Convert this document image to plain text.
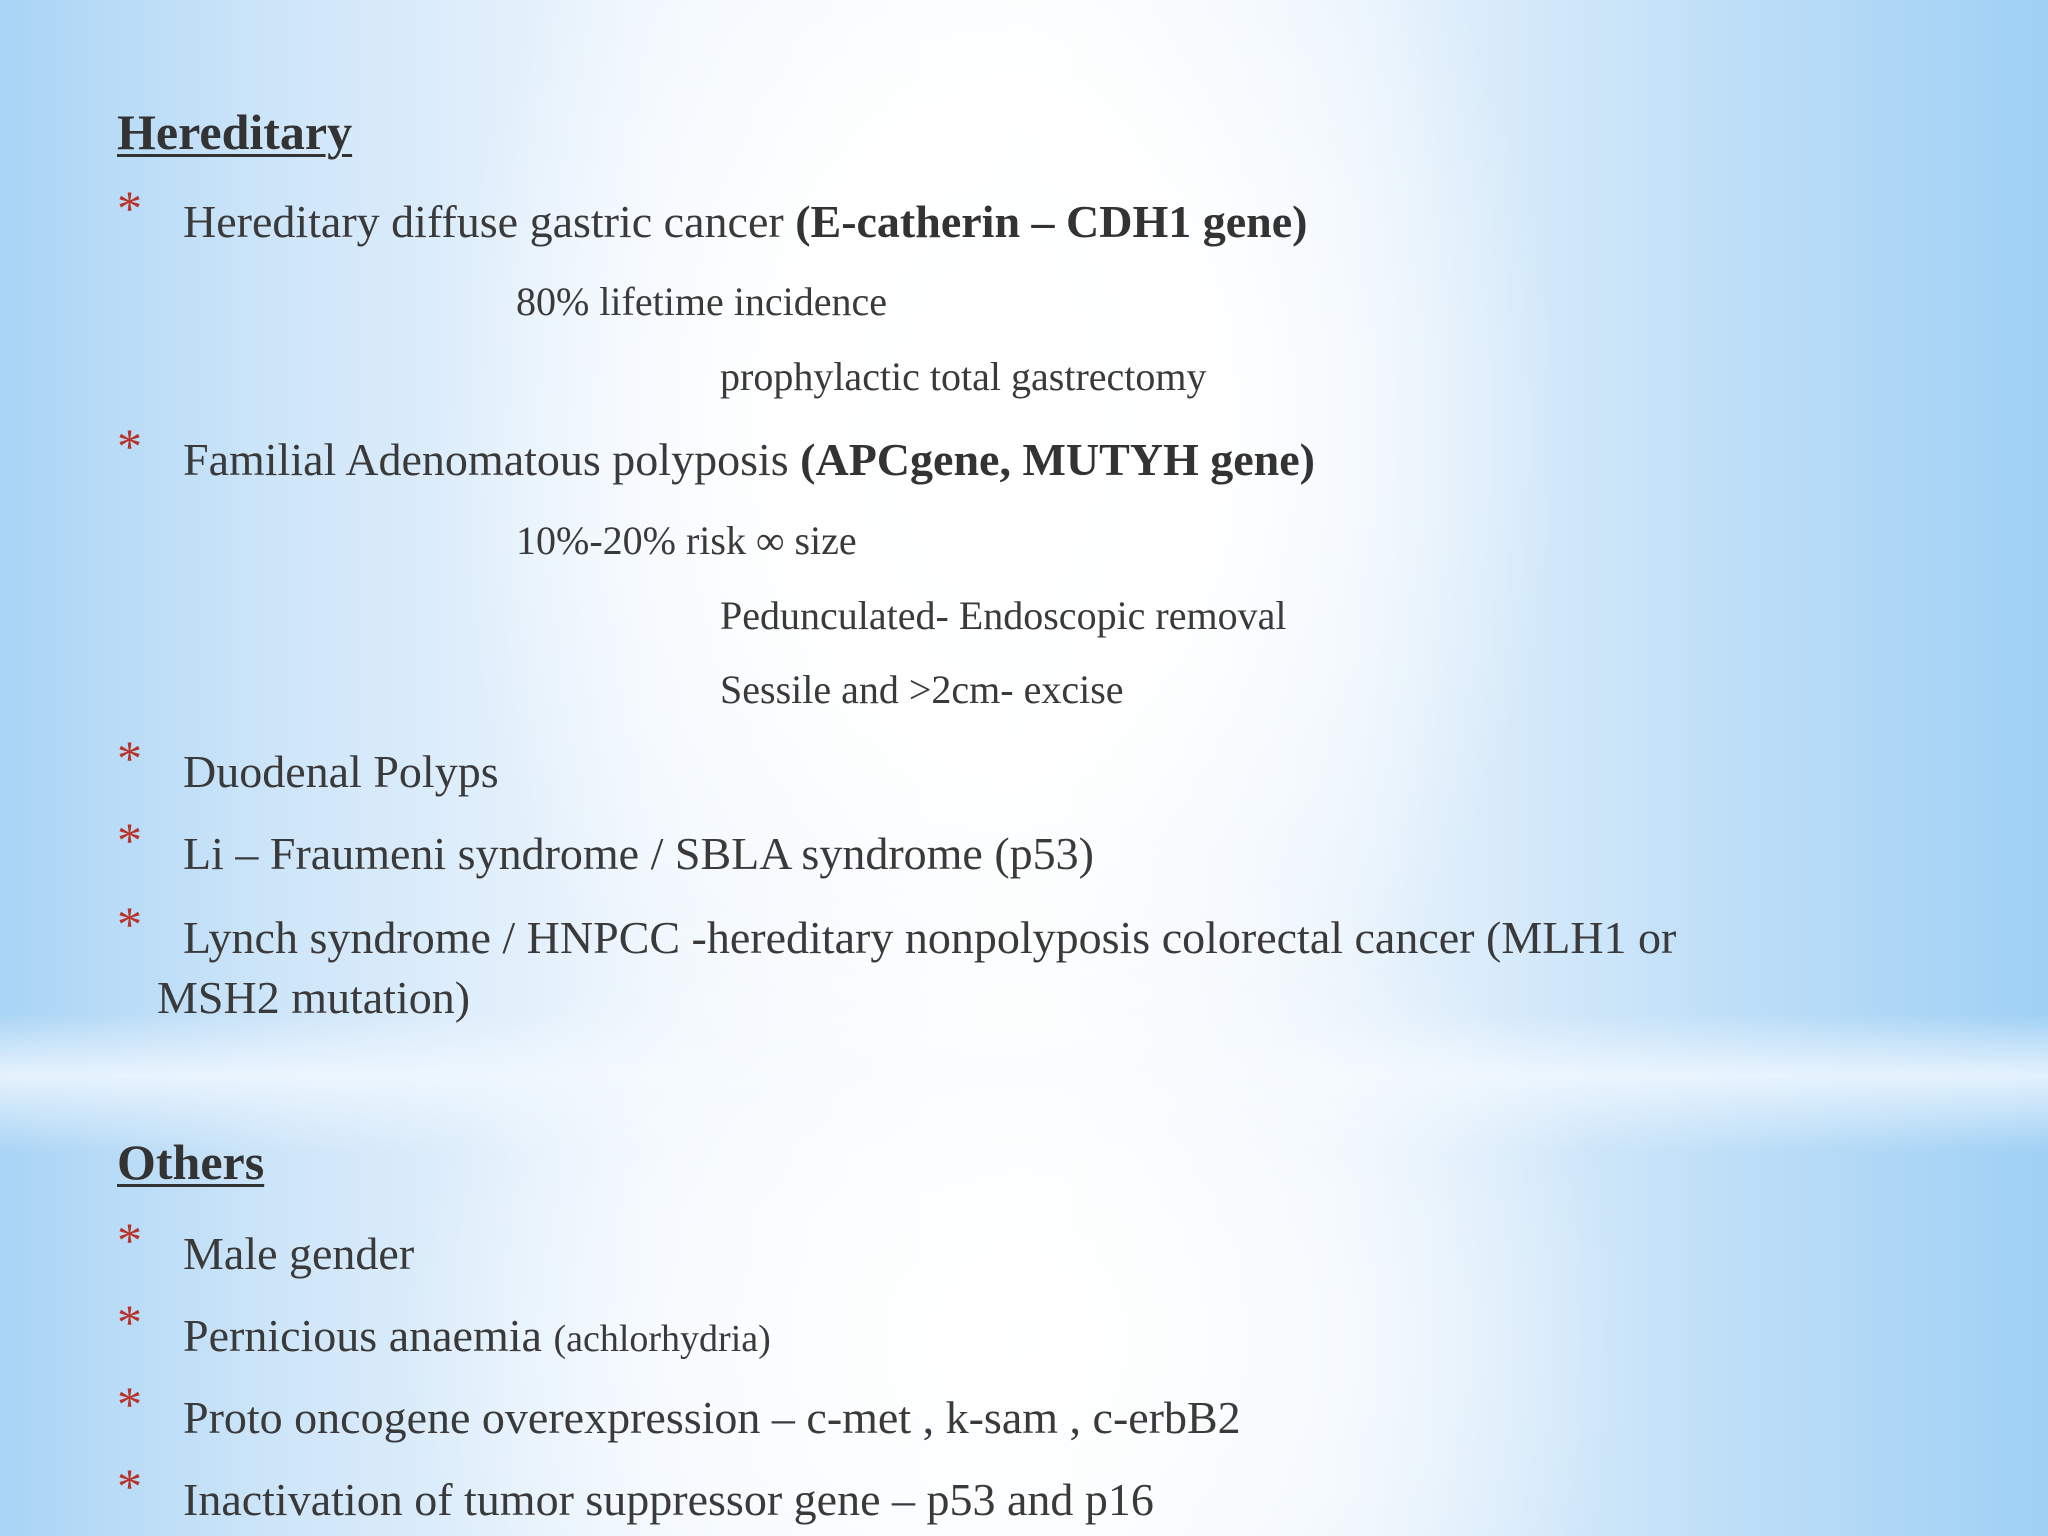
Hereditary
* Hereditary diffuse gastric cancer (E-catherin – CDH1 gene)
80% lifetime incidence
prophylactic total gastrectomy
* Familial Adenomatous polyposis (APCgene, MUTYH gene)
10%-20% risk ∞ size
Pedunculated- Endoscopic removal
Sessile and >2cm- excise
* Duodenal Polyps
* Li – Fraumeni syndrome / SBLA syndrome (p53)
* Lynch syndrome / HNPCC -hereditary nonpolyposis colorectal cancer (MLH1 or
MSH2 mutation)
Others
* Male gender
* Pernicious anaemia (achlorhydria)
* Proto oncogene overexpression – c-met , k-sam , c-erbB2
* Inactivation of tumor suppressor gene – p53 and p16
